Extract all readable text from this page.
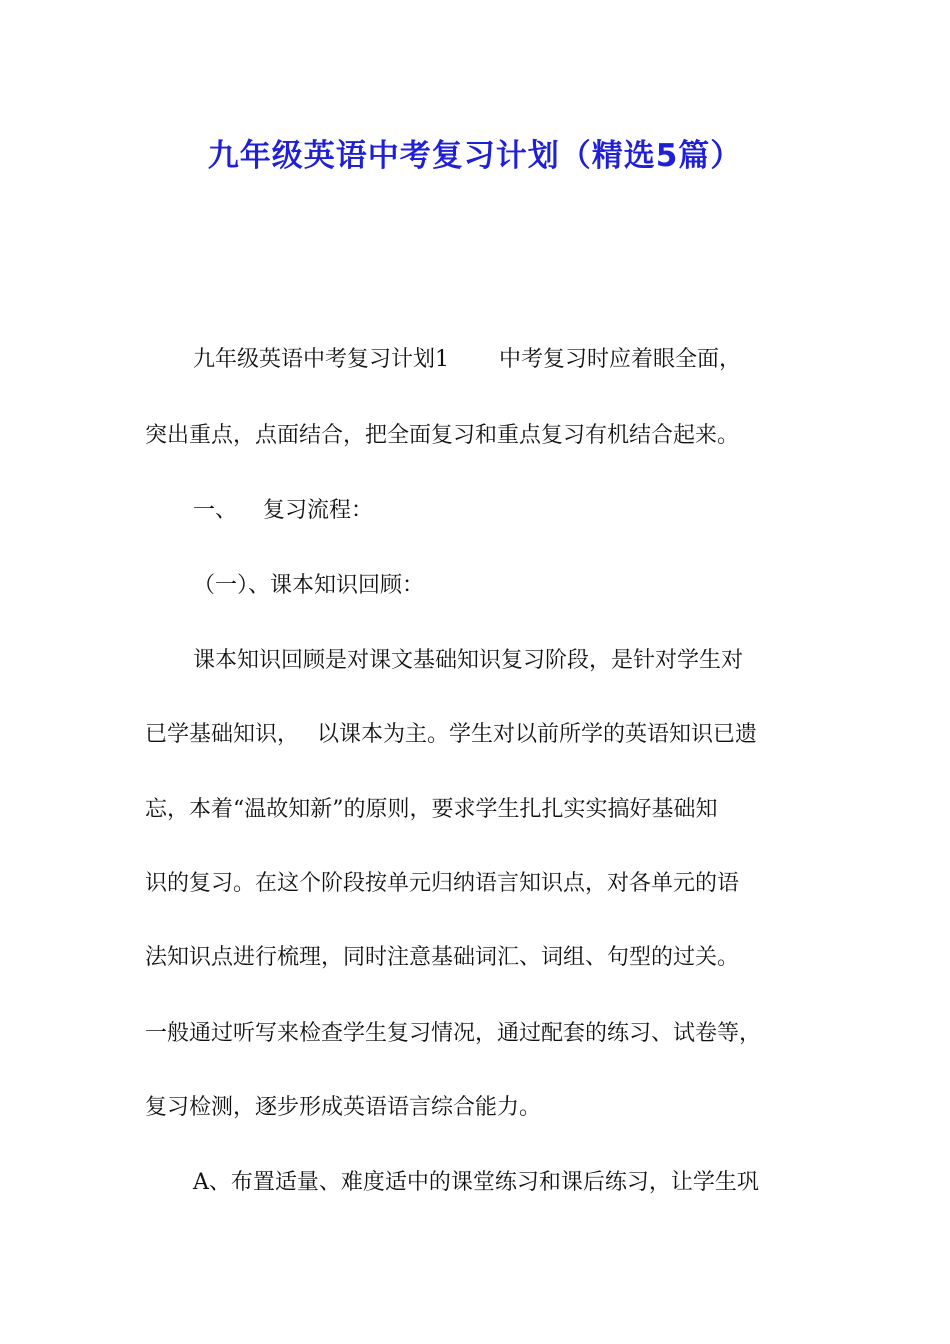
九年级英语中考复习计划（精选5篇）

九年级英语中考复习计划1 中考复习时应着眼全面，

突出重点，点面结合，把全面复习和重点复习有机结合起来。

一、 复习流程：

（一）、课本知识回顾：

课本知识回顾是对课文基础知识复习阶段，是针对学生对

已学基础知识， 以课本为主。学生对以前所学的英语知识已遗

忘，本着“温故知新”的原则，要求学生扎扎实实搞好基础知

识的复习。在这个阶段按单元归纳语言知识点，对各单元的语

法知识点进行梳理，同时注意基础词汇、词组、句型的过关。

一般通过听写来检查学生复习情况，通过配套的练习、试卷等，

复习检测，逐步形成英语语言综合能力。

A、布置适量、难度适中的课堂练习和课后练习，让学生巩
